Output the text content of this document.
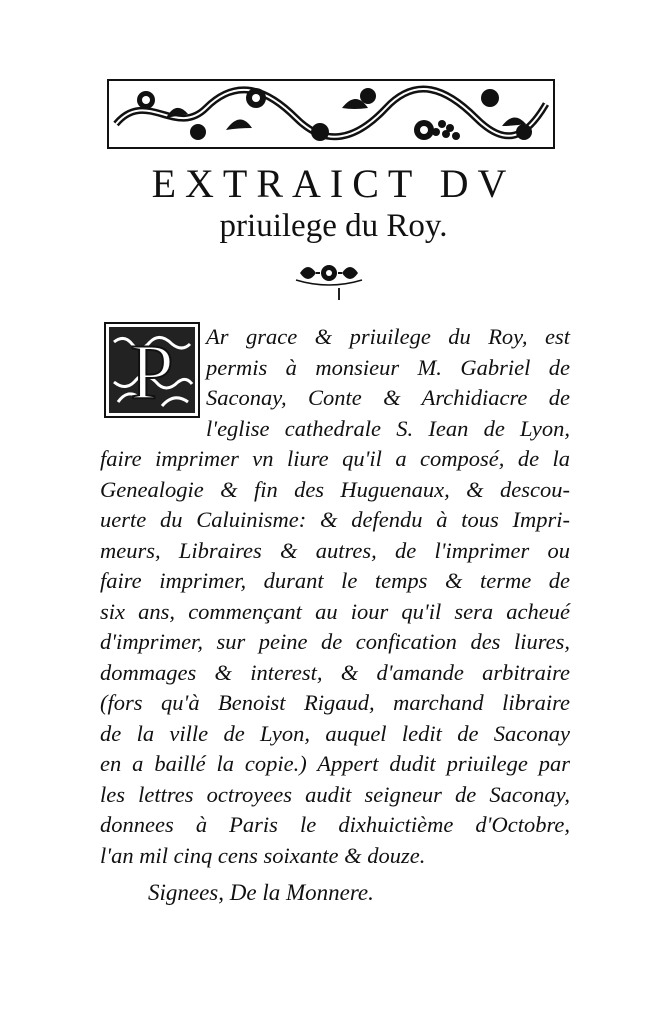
EXTRAICT DV
priuilege du Roy.
P	Ar grace & priuilege du Roy, est
permis à monsieur M. Gabriel de
Saconay, Conte & Archidiacre de
l'eglise cathedrale S. Iean de Lyon,
faire imprimer vn liure qu'il a composé, de la
Genealogie & fin des Huguenaux, & descou-
uerte du Caluinisme: & defendu à tous Impri-
meurs, Libraires & autres, de l'imprimer ou
faire imprimer, durant le temps & terme de
six ans, commençant au iour qu'il sera acheué
d'imprimer, sur peine de confication des liures,
dommages & interest, & d'amande arbitraire
(fors qu'à Benoist Rigaud, marchand libraire
de la ville de Lyon, auquel ledit de Saconay
en a baillé la copie.) Appert dudit priuilege par
les lettres octroyees audit seigneur de Saconay,
donnees à Paris le dixhuictième d'Octobre,
l'an mil cinq cens soixante & douze.
Signees, De la Monnere.
